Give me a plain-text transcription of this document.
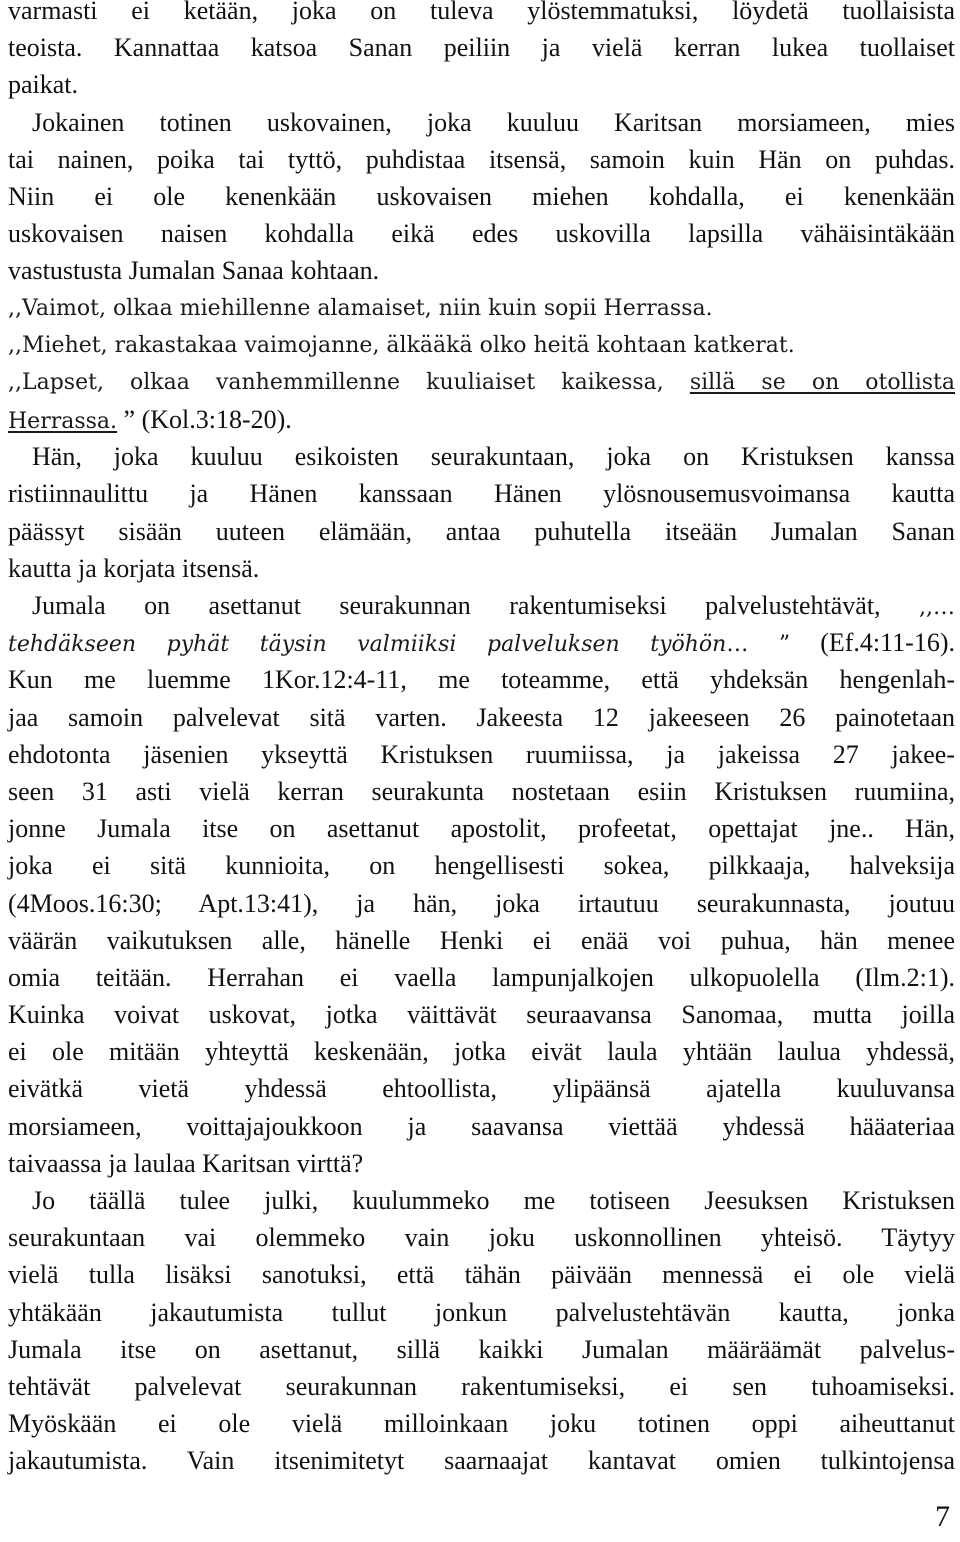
varmasti ei ketään, joka on tuleva ylöstemmatuksi, löydetä tuollaisista
teoista. Kannattaa katsoa Sanan peiliin ja vielä kerran lukea tuollaiset
paikat.
Jokainen totinen uskovainen, joka kuuluu Karitsan morsiameen, mies
tai nainen, poika tai tyttö, puhdistaa itsensä, samoin kuin Hän on puhdas.
Niin ei ole kenenkään uskovaisen miehen kohdalla, ei kenenkään
uskovaisen naisen kohdalla eikä edes uskovilla lapsilla vähäisintäkään
vastustusta Jumalan Sanaa kohtaan.
,,Vaimot, olkaa miehillenne alamaiset, niin kuin sopii Herrassa.
,,Miehet, rakastakaa vaimojanne, älkääkä olko heitä kohtaan katkerat.
,,Lapset, olkaa vanhemmillenne kuuliaiset kaikessa, sillä se on otollista
Herrassa. ” (Kol.3:18-20).
Hän, joka kuuluu esikoisten seurakuntaan, joka on Kristuksen kanssa
ristiinnaulittu ja Hänen kanssaan Hänen ylösnousemusvoimansa kautta
päässyt sisään uuteen elämään, antaa puhutella itseään Jumalan Sanan
kautta ja korjata itsensä.
Jumala on asettanut seurakunnan rakentumiseksi palvelustehtävät, ,,…
tehdäkseen pyhät täysin valmiiksi palveluksen työhön… ” (Ef.4:11-16).
Kun me luemme 1Kor.12:4-11, me toteamme, että yhdeksän hengenlah-
jaa samoin palvelevat sitä varten. Jakeesta 12 jakeeseen 26 painotetaan
ehdotonta jäsenien ykseyttä Kristuksen ruumiissa, ja jakeissa 27 jakee-
seen 31 asti vielä kerran seurakunta nostetaan esiin Kristuksen ruumiina,
jonne Jumala itse on asettanut apostolit, profeetat, opettajat jne.. Hän,
joka ei sitä kunnioita, on hengellisesti sokea, pilkkaaja, halveksija
(4Moos.16:30; Apt.13:41), ja hän, joka irtautuu seurakunnasta, joutuu
väärän vaikutuksen alle, hänelle Henki ei enää voi puhua, hän menee
omia teitään. Herrahan ei vaella lampunjalkojen ulkopuolella (Ilm.2:1).
Kuinka voivat uskovat, jotka väittävät seuraavansa Sanomaa, mutta joilla
ei ole mitään yhteyttä keskenään, jotka eivät laula yhtään laulua yhdessä,
eivätkä vietä yhdessä ehtoollista, ylipäänsä ajatella kuuluvansa
morsiameen, voittajajoukkoon ja saavansa viettää yhdessä hääateriaa
taivaassa ja laulaa Karitsan virttä?
Jo täällä tulee julki, kuulummeko me totiseen Jeesuksen Kristuksen
seurakuntaan vai olemmeko vain joku uskonnollinen yhteisö. Täytyy
vielä tulla lisäksi sanotuksi, että tähän päivään mennessä ei ole vielä
yhtäkään jakautumista tullut jonkun palvelustehtävän kautta, jonka
Jumala itse on asettanut, sillä kaikki Jumalan määräämät palvelus-
tehtävät palvelevat seurakunnan rakentumiseksi, ei sen tuhoamiseksi.
Myöskään ei ole vielä milloinkaan joku totinen oppi aiheuttanut
jakautumista. Vain itsenimitetyt saarnaajat kantavat omien tulkintojensa
7
